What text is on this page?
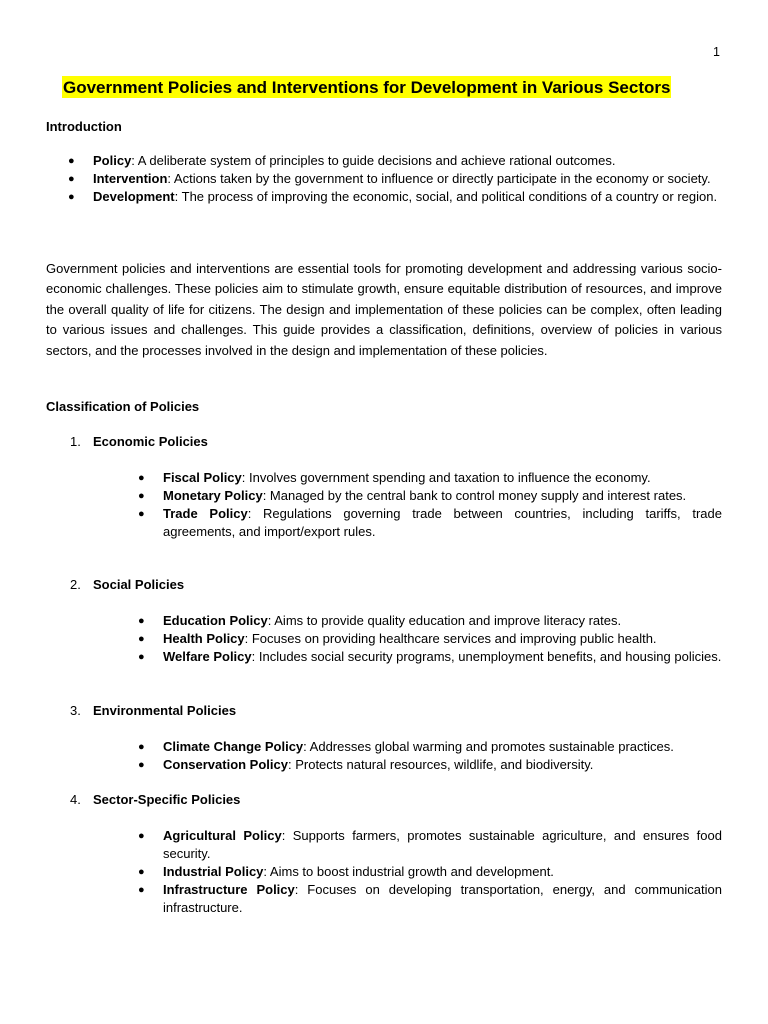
1
Government Policies and Interventions for Development in Various Sectors

Introduction

● Policy: A deliberate system of principles to guide decisions and achieve rational outcomes.
● Intervention: Actions taken by the government to influence or directly participate in the economy or society.
● Development: The process of improving the economic, social, and political conditions of a country or region.

Government policies and interventions are essential tools for promoting development and addressing various socio-economic challenges. These policies aim to stimulate growth, ensure equitable distribution of resources, and improve the overall quality of life for citizens. The design and implementation of these policies can be complex, often leading to various issues and challenges. This guide provides a classification, definitions, overview of policies in various sectors, and the processes involved in the design and implementation of these policies.

Classification of Policies

1. Economic Policies
● Fiscal Policy: Involves government spending and taxation to influence the economy.
● Monetary Policy: Managed by the central bank to control money supply and interest rates.
● Trade Policy: Regulations governing trade between countries, including tariffs, trade agreements, and import/export rules.
2. Social Policies
● Education Policy: Aims to provide quality education and improve literacy rates.
● Health Policy: Focuses on providing healthcare services and improving public health.
● Welfare Policy: Includes social security programs, unemployment benefits, and housing policies.
3. Environmental Policies
● Climate Change Policy: Addresses global warming and promotes sustainable practices.
● Conservation Policy: Protects natural resources, wildlife, and biodiversity.
4. Sector-Specific Policies
● Agricultural Policy: Supports farmers, promotes sustainable agriculture, and ensures food security.
● Industrial Policy: Aims to boost industrial growth and development.
● Infrastructure Policy: Focuses on developing transportation, energy, and communication infrastructure.
